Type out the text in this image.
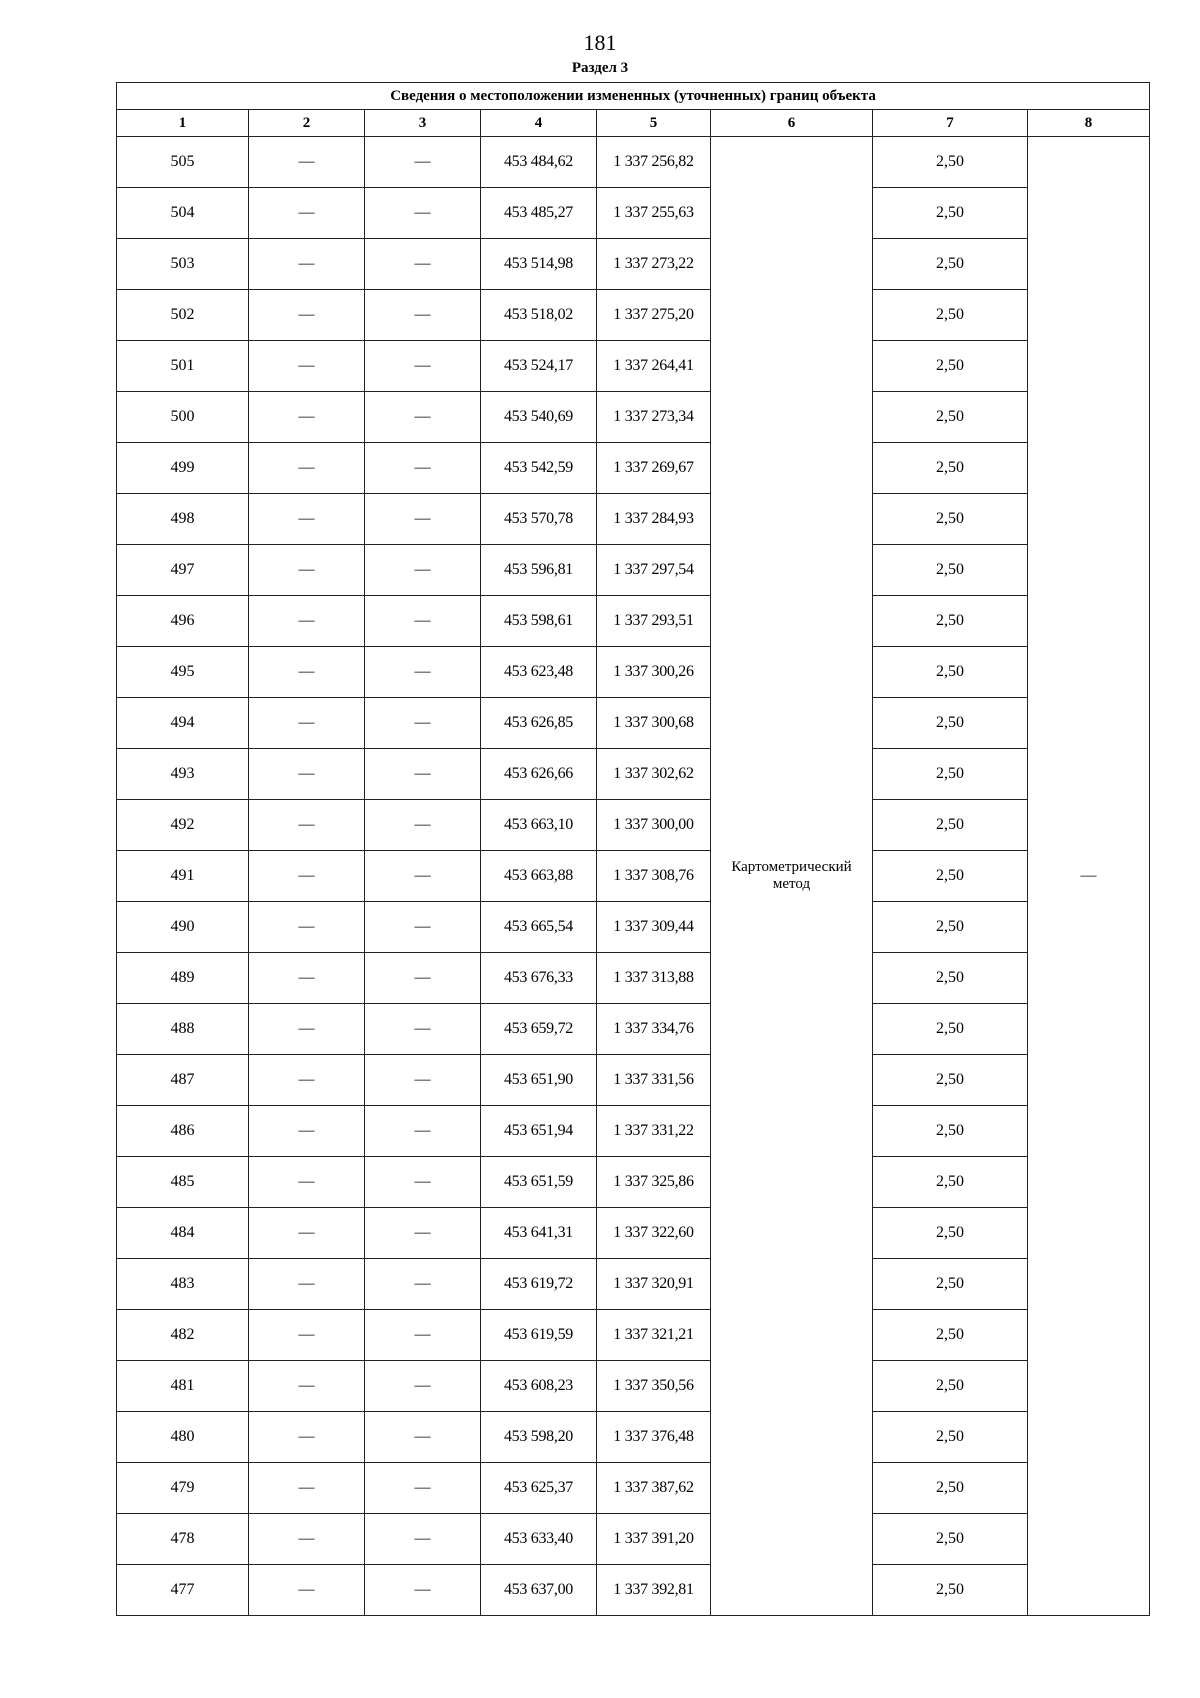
181
Раздел 3
Сведения о местоположении измененных (уточненных) границ объекта							
1	2	3	4	5	6	7	8
505	—	—	453 484,62	1 337 256,82	Картометрический метод	2,50	—
504	—	—	453 485,27	1 337 255,63		2,50	
503	—	—	453 514,98	1 337 273,22		2,50	
502	—	—	453 518,02	1 337 275,20		2,50	
501	—	—	453 524,17	1 337 264,41		2,50	
500	—	—	453 540,69	1 337 273,34		2,50	
499	—	—	453 542,59	1 337 269,67		2,50	
498	—	—	453 570,78	1 337 284,93		2,50	
497	—	—	453 596,81	1 337 297,54		2,50	
496	—	—	453 598,61	1 337 293,51		2,50	
495	—	—	453 623,48	1 337 300,26		2,50	
494	—	—	453 626,85	1 337 300,68		2,50	
493	—	—	453 626,66	1 337 302,62		2,50	
492	—	—	453 663,10	1 337 300,00		2,50	
491	—	—	453 663,88	1 337 308,76		2,50	
490	—	—	453 665,54	1 337 309,44		2,50	
489	—	—	453 676,33	1 337 313,88		2,50	
488	—	—	453 659,72	1 337 334,76		2,50	
487	—	—	453 651,90	1 337 331,56		2,50	
486	—	—	453 651,94	1 337 331,22		2,50	
485	—	—	453 651,59	1 337 325,86		2,50	
484	—	—	453 641,31	1 337 322,60		2,50	
483	—	—	453 619,72	1 337 320,91		2,50	
482	—	—	453 619,59	1 337 321,21		2,50	
481	—	—	453 608,23	1 337 350,56		2,50	
480	—	—	453 598,20	1 337 376,48		2,50	
479	—	—	453 625,37	1 337 387,62		2,50	
478	—	—	453 633,40	1 337 391,20		2,50	
477	—	—	453 637,00	1 337 392,81		2,50	
